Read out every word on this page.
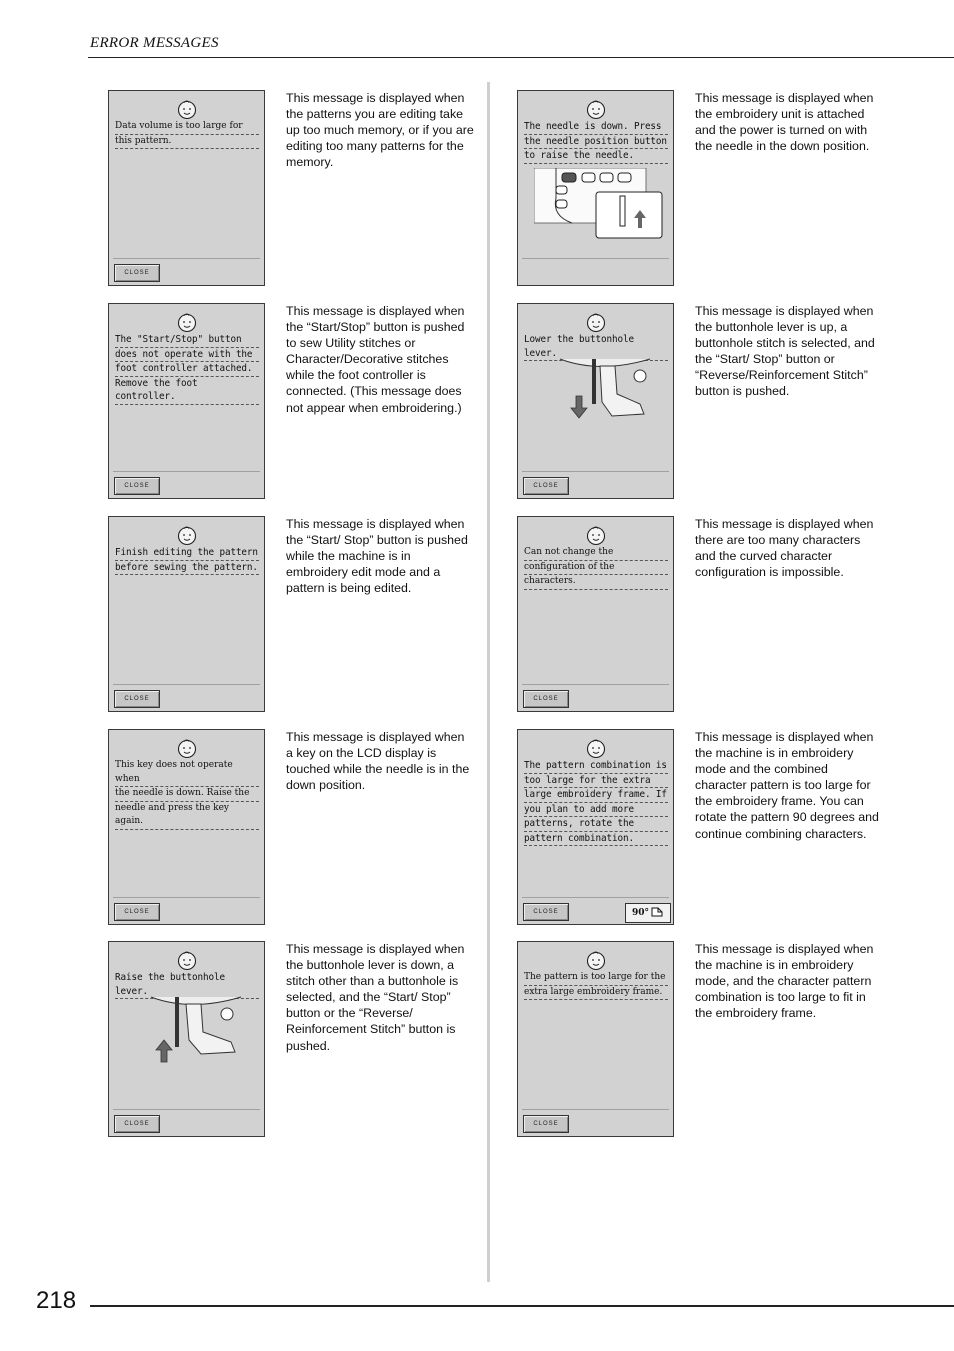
ERROR MESSAGES
Data volume is too large for
this pattern.
CLOSE
This message is displayed when the patterns you are editing take up too much memory, or if you are editing too many patterns for the memory.
The "Start/Stop" button
does not operate with the
foot controller attached.
Remove the foot controller.
CLOSE
This message is displayed when the “Start/Stop” button is pushed to sew Utility stitches or Character/Decorative stitches while the foot controller is connected. (This message does not appear when embroidering.)
Finish editing the pattern
before sewing the pattern.
CLOSE
This message is displayed when the “Start/ Stop” button is pushed while the machine is in embroidery edit mode and a pattern is being edited.
This key does not operate when
the needle is down. Raise the
needle and press the key again.
CLOSE
This message is displayed when a key on the LCD display is touched while the needle is in the down position.
Raise the buttonhole lever.
CLOSE
This message is displayed when the buttonhole lever is down, a stitch other than a buttonhole is selected, and the “Start/ Stop” button or the “Reverse/ Reinforcement Stitch” button is pushed.
The needle is down. Press
the needle position button
to raise the needle.
This message is displayed when the embroidery unit is attached and the power is turned on with the needle in the down position.
Lower the buttonhole lever.
CLOSE
This message is displayed when the buttonhole lever is up, a buttonhole stitch is selected, and the “Start/ Stop” button or “Reverse/Reinforcement Stitch” button is pushed.
Can not change the
configuration of the
characters.
CLOSE
This message is displayed when there are too many characters and the curved character configuration is impossible.
The pattern combination is
too large for the extra
large embroidery frame. If
you plan to add more
patterns, rotate the
pattern combination.
CLOSE	90°
This message is displayed when the machine is in embroidery mode and the combined character pattern is too large for the embroidery frame. You can rotate the pattern 90 degrees and continue combining characters.
The pattern is too large for the
extra large embroidery frame.
CLOSE
This message is displayed when the machine is in embroidery mode, and the character pattern combination is too large to fit in the embroidery frame.
218
